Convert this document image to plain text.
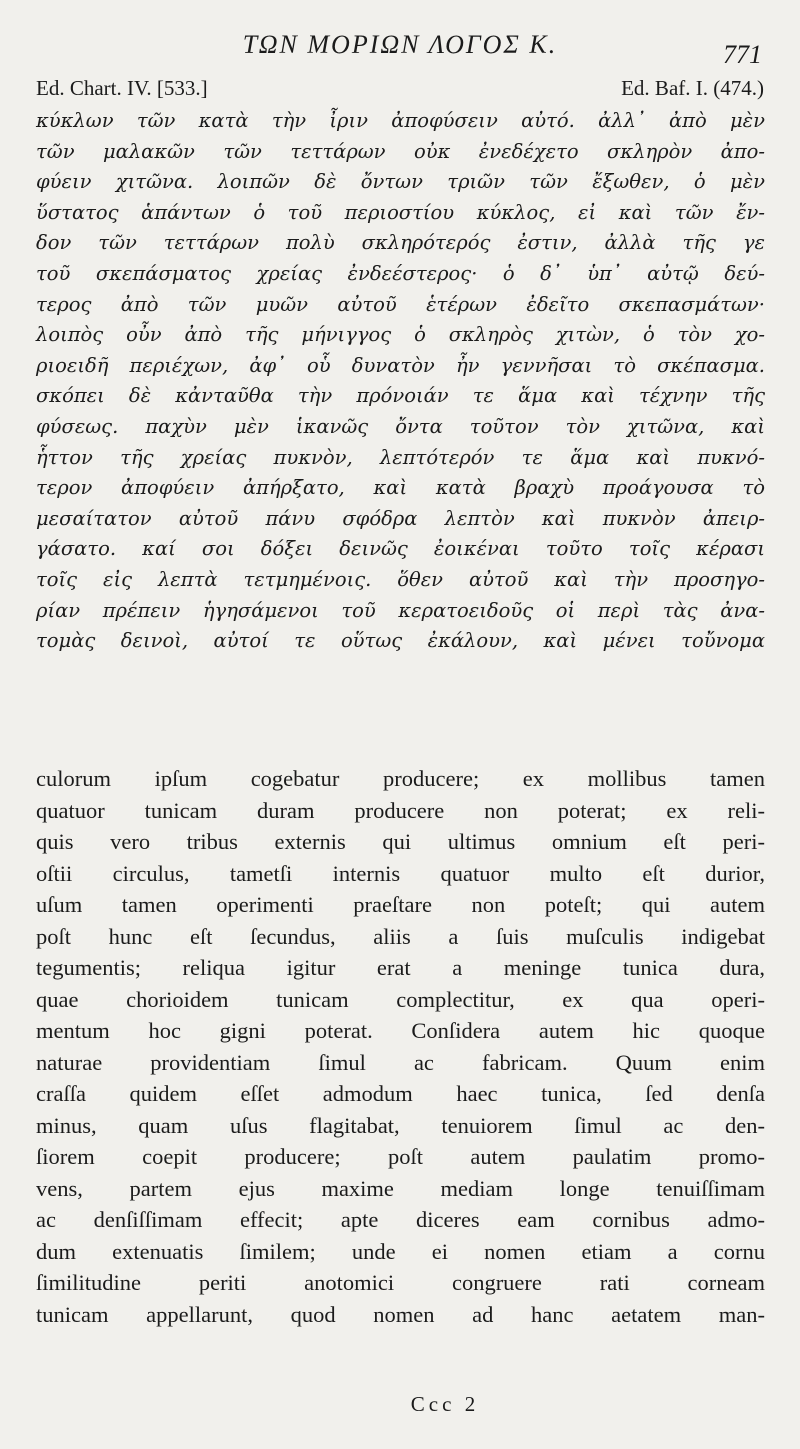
ΤΩΝ ΜΟΡΙΩΝ ΛΟΓΟΣ Κ.	771
Ed. Chart. IV. [533.]	Ed. Baf. I. (474.)
κύκλων τῶν κατὰ τὴν ἶριν ἀποφύσειν αὐτό. ἀλλ᾽ ἀπὸ μὲν
τῶν μαλακῶν τῶν τεττάρων οὐκ ἐνεδέχετο σκληρὸν ἀπο-
φύειν χιτῶνα. λοιπῶν δὲ ὄντων τριῶν τῶν ἔξωθεν, ὁ μὲν
ὕστατος ἁπάντων ὁ τοῦ περιοστίου κύκλος, εἰ καὶ τῶν ἔν-
δον τῶν τεττάρων πολὺ σκληρότερός ἐστιν, ἀλλὰ τῆς γε
τοῦ σκεπάσματος χρείας ἐνδεέστερος· ὁ δ᾽ ὑπ᾽ αὐτῷ δεύ-
τερος ἀπὸ τῶν μυῶν αὐτοῦ ἑτέρων ἐδεῖτο σκεπασμάτων·
λοιπὸς οὖν ἀπὸ τῆς μήνιγγος ὁ σκληρὸς χιτὼν, ὁ τὸν χο-
ριοειδῆ περιέχων, ἀφ᾽ οὗ δυνατὸν ἦν γεννῆσαι τὸ σκέπασμα.
σκόπει δὲ κἀνταῦθα τὴν πρόνοιάν τε ἅμα καὶ τέχνην τῆς
φύσεως. παχὺν μὲν ἱκανῶς ὄντα τοῦτον τὸν χιτῶνα, καὶ
ἧττον τῆς χρείας πυκνὸν, λεπτότερόν τε ἅμα καὶ πυκνό-
τερον ἀποφύειν ἀπήρξατο, καὶ κατὰ βραχὺ προάγουσα τὸ
μεσαίτατον αὐτοῦ πάνυ σφόδρα λεπτὸν καὶ πυκνὸν ἀπειρ-
γάσατο. καί σοι δόξει δεινῶς ἐοικέναι τοῦτο τοῖς κέρασι
τοῖς εἰς λεπτὰ τετμημένοις. ὅθεν αὐτοῦ καὶ τὴν προσηγο-
ρίαν πρέπειν ἡγησάμενοι τοῦ κερατοειδοῦς οἱ περὶ τὰς ἀνα-
τομὰς δεινοὶ, αὐτοί τε οὕτως ἐκάλουν, καὶ μένει τοὔνομα
culorum ipſum cogebatur producere; ex mollibus tamen
quatuor tunicam duram producere non poterat; ex reli-
quis vero tribus externis qui ultimus omnium eſt peri-
oſtii circulus, tametſi internis quatuor multo eſt durior,
uſum tamen operimenti praeſtare non poteſt; qui autem
poſt hunc eſt ſecundus, aliis a ſuis muſculis indigebat
tegumentis; reliqua igitur erat a meninge tunica dura,
quae chorioidem tunicam complectitur, ex qua operi-
mentum hoc gigni poterat. Conſidera autem hic quoque
naturae providentiam ſimul ac fabricam. Quum enim
craſſa quidem eſſet admodum haec tunica, ſed denſa
minus, quam uſus flagitabat, tenuiorem ſimul ac den-
ſiorem coepit producere; poſt autem paulatim promo-
vens, partem ejus maxime mediam longe tenuiſſimam
ac denſiſſimam effecit; apte diceres eam cornibus admo-
dum extenuatis ſimilem; unde ei nomen etiam a cornu
ſimilitudine periti anotomici congruere rati corneam
tunicam appellarunt, quod nomen ad hanc aetatem man-
Ccc 2
